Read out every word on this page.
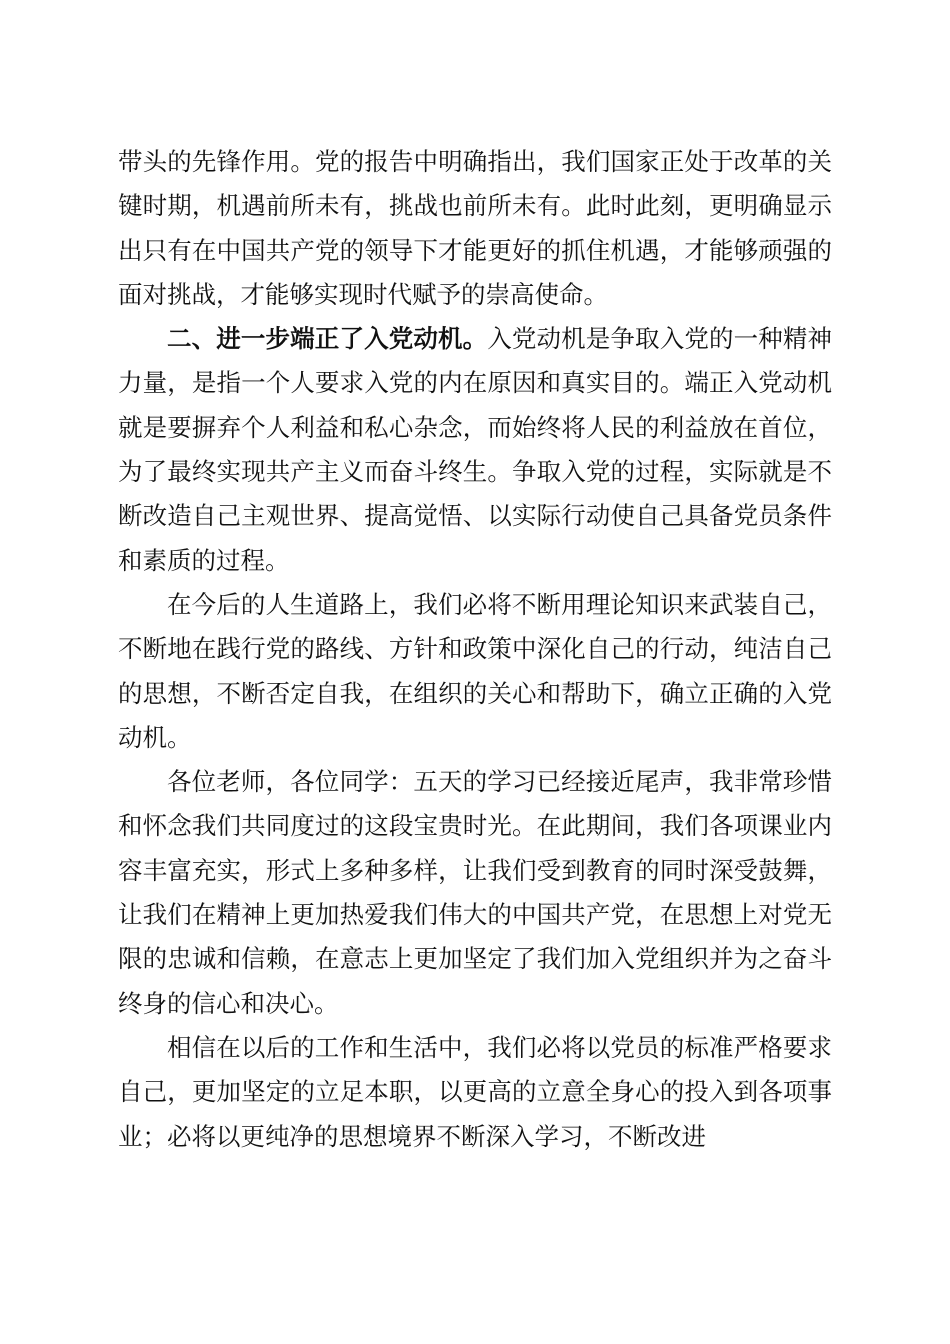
带头的先锋作用。党的报告中明确指出，我们国家正处于改革的关键时期，机遇前所未有，挑战也前所未有。此时此刻，更明确显示出只有在中国共产党的领导下才能更好的抓住机遇，才能够顽强的面对挑战，才能够实现时代赋予的崇高使命。

二、进一步端正了入党动机。入党动机是争取入党的一种精神力量，是指一个人要求入党的内在原因和真实目的。端正入党动机就是要摒弃个人利益和私心杂念，而始终将人民的利益放在首位，为了最终实现共产主义而奋斗终生。争取入党的过程，实际就是不断改造自己主观世界、提高觉悟、以实际行动使自己具备党员条件和素质的过程。

在今后的人生道路上，我们必将不断用理论知识来武装自己，不断地在践行党的路线、方针和政策中深化自己的行动，纯洁自己的思想，不断否定自我，在组织的关心和帮助下，确立正确的入党动机。

各位老师，各位同学：五天的学习已经接近尾声，我非常珍惜和怀念我们共同度过的这段宝贵时光。在此期间，我们各项课业内容丰富充实，形式上多种多样，让我们受到教育的同时深受鼓舞，让我们在精神上更加热爱我们伟大的中国共产党，在思想上对党无限的忠诚和信赖，在意志上更加坚定了我们加入党组织并为之奋斗终身的信心和决心。

相信在以后的工作和生活中，我们必将以党员的标准严格要求自己，更加坚定的立足本职，以更高的立意全身心的投入到各项事业；必将以更纯净的思想境界不断深入学习，不断改进
